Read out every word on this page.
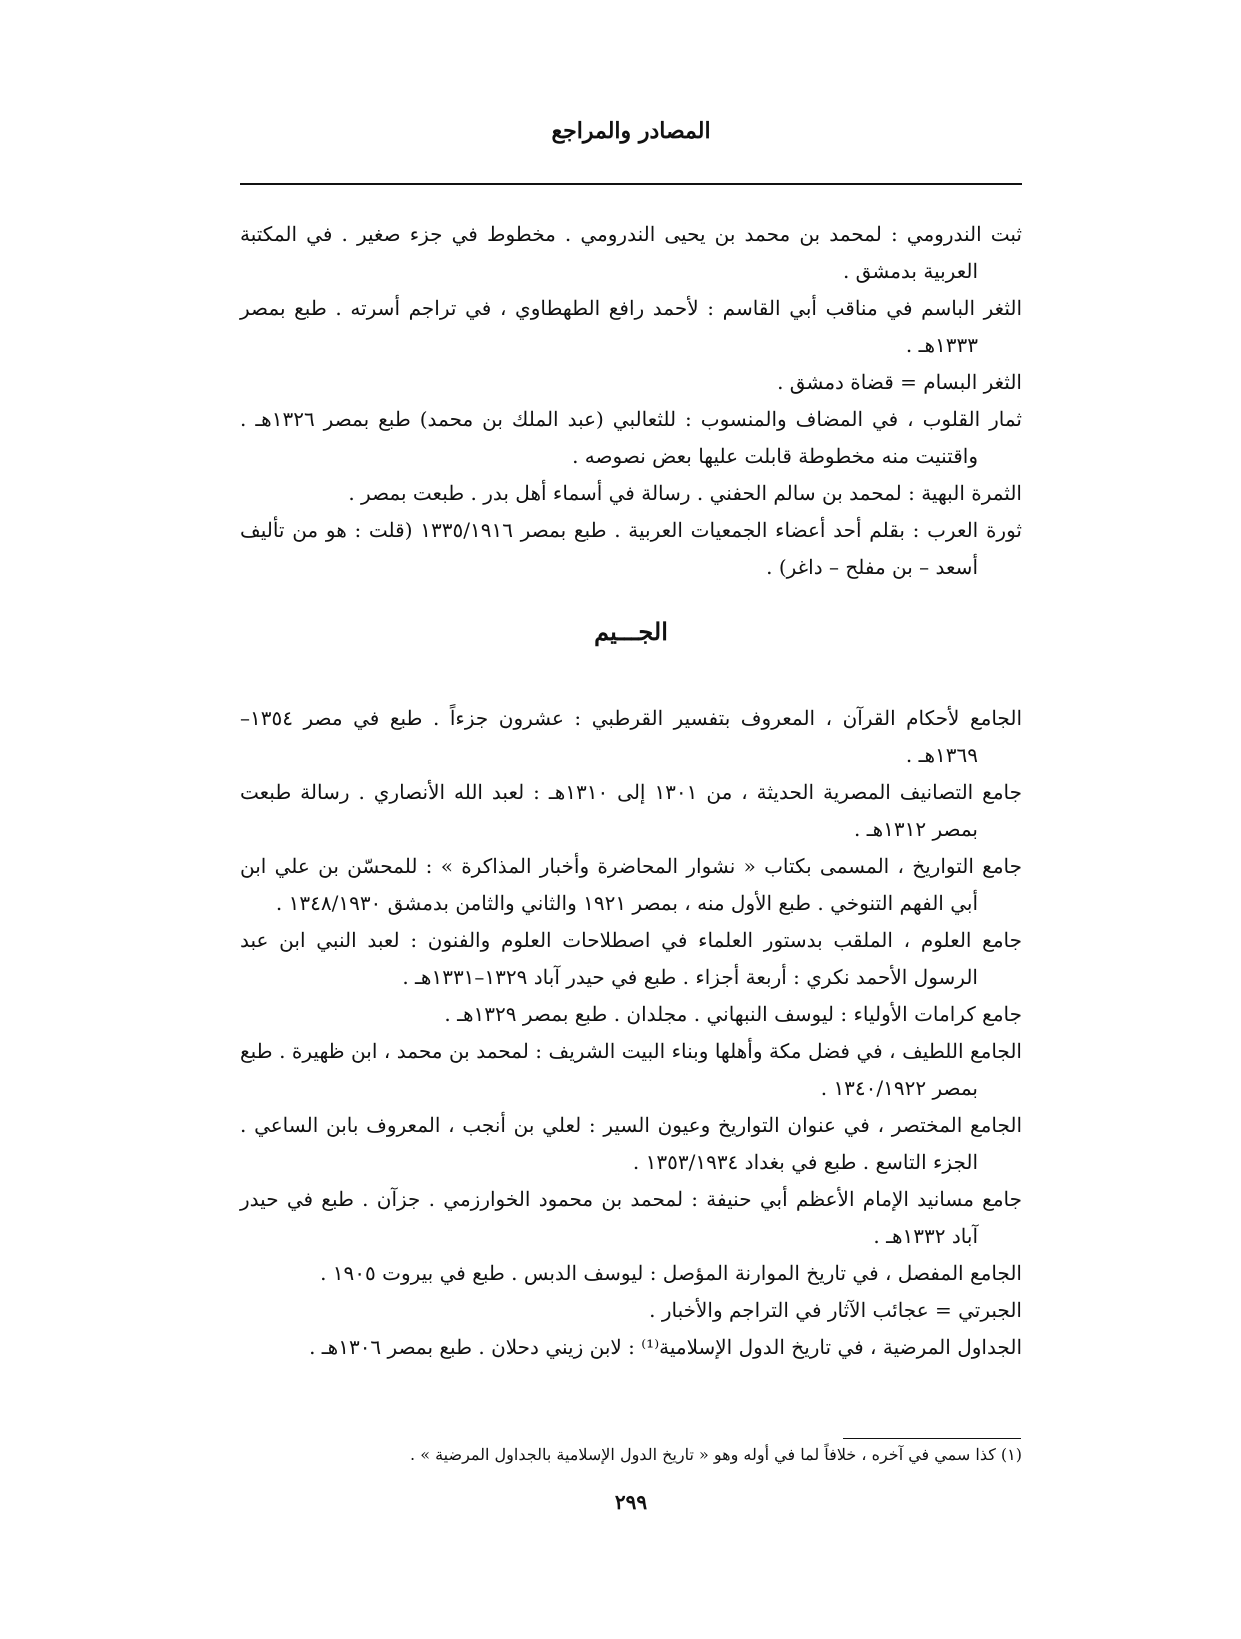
المصادر والمراجع

ثبت الندرومي : لمحمد بن محمد بن يحيى الندرومي . مخطوط في جزء صغير . في المكتبة العربية بدمشق .

الثغر الباسم في مناقب أبي القاسم : لأحمد رافع الطهطاوي ، في تراجم أسرته . طبع بمصر ١٣٣٣هـ .

الثغر البسام = قضاة دمشق .

ثمار القلوب ، في المضاف والمنسوب : للثعالبي (عبد الملك بن محمد) طبع بمصر ١٣٢٦هـ . واقتنيت منه مخطوطة قابلت عليها بعض نصوصه .

الثمرة البهية : لمحمد بن سالم الحفني . رسالة في أسماء أهل بدر . طبعت بمصر .

ثورة العرب : بقلم أحد أعضاء الجمعيات العربية . طبع بمصر ١٣٣٥/١٩١٦ (قلت : هو من تأليف أسعد – بن مفلح – داغر) .

الجـــيم

الجامع لأحكام القرآن ، المعروف بتفسير القرطبي : عشرون جزءاً . طبع في مصر ١٣٥٤–١٣٦٩هـ .

جامع التصانيف المصرية الحديثة ، من ١٣٠١ إلى ١٣١٠هـ : لعبد الله الأنصاري . رسالة طبعت بمصر ١٣١٢هـ .

جامع التواريخ ، المسمى بكتاب « نشوار المحاضرة وأخبار المذاكرة » : للمحسّن بن علي ابن أبي الفهم التنوخي . طبع الأول منه ، بمصر ١٩٢١ والثاني والثامن بدمشق ١٣٤٨/١٩٣٠ .

جامع العلوم ، الملقب بدستور العلماء في اصطلاحات العلوم والفنون : لعبد النبي ابن عبد الرسول الأحمد نكري : أربعة أجزاء . طبع في حيدر آباد ١٣٢٩–١٣٣١هـ .

جامع كرامات الأولياء : ليوسف النبهاني . مجلدان . طبع بمصر ١٣٢٩هـ .

الجامع اللطيف ، في فضل مكة وأهلها وبناء البيت الشريف : لمحمد بن محمد ، ابن ظهيرة . طبع بمصر ١٣٤٠/١٩٢٢ .

الجامع المختصر ، في عنوان التواريخ وعيون السير : لعلي بن أنجب ، المعروف بابن الساعي . الجزء التاسع . طبع في بغداد ١٣٥٣/١٩٣٤ .

جامع مسانيد الإمام الأعظم أبي حنيفة : لمحمد بن محمود الخوارزمي . جزآن . طبع في حيدر آباد ١٣٣٢هـ .

الجامع المفصل ، في تاريخ الموارنة المؤصل : ليوسف الدبس . طبع في بيروت ١٩٠٥ .

الجبرتي = عجائب الآثار في التراجم والأخبار .

الجداول المرضية ، في تاريخ الدول الإسلامية⁽¹⁾ : لابن زيني دحلان . طبع بمصر ١٣٠٦هـ .

(١) كذا سمي في آخره ، خلافاً لما في أوله وهو « تاريخ الدول الإسلامية بالجداول المرضية » .
٢٩٩
